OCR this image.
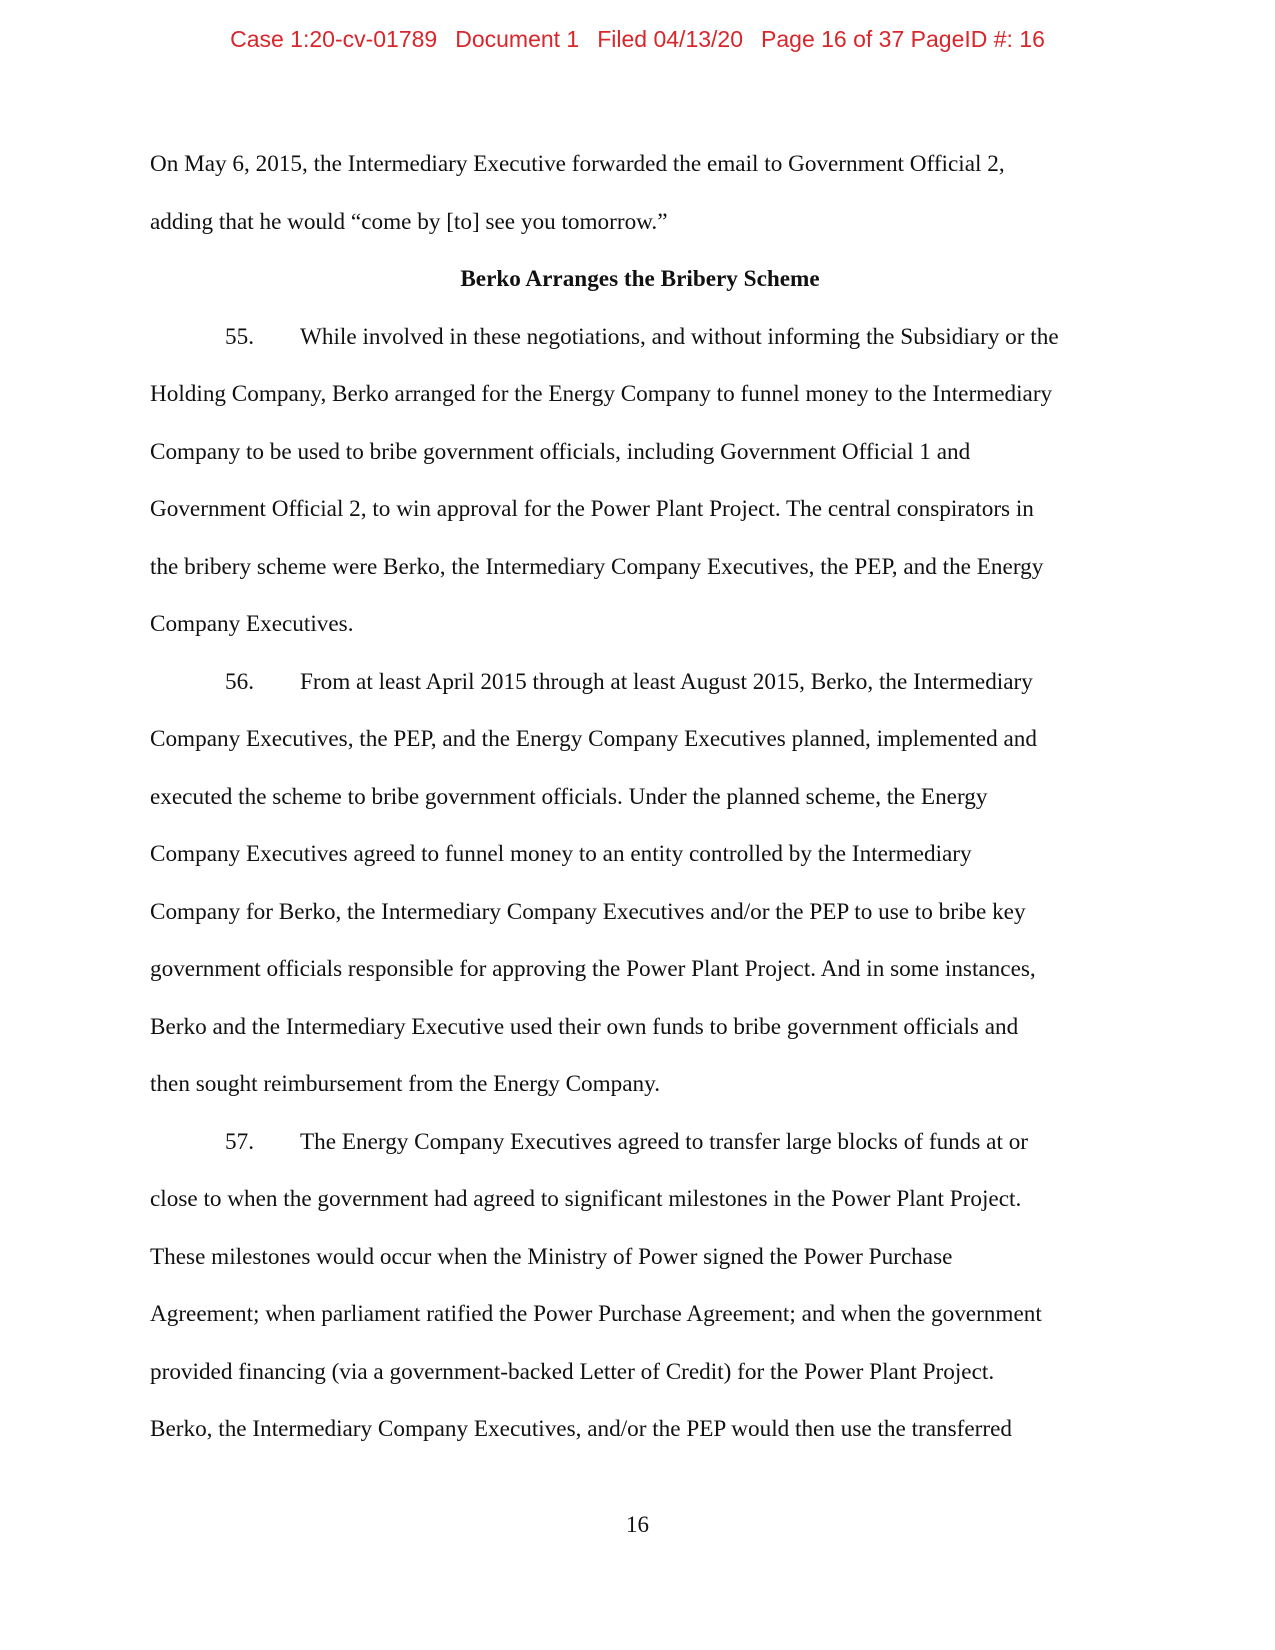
Case 1:20-cv-01789 Document 1 Filed 04/13/20 Page 16 of 37 PageID #: 16

On May 6, 2015, the Intermediary Executive forwarded the email to Government Official 2,

adding that he would “come by [to] see you tomorrow.”

Berko Arranges the Bribery Scheme

55. While involved in these negotiations, and without informing the Subsidiary or the

Holding Company, Berko arranged for the Energy Company to funnel money to the Intermediary

Company to be used to bribe government officials, including Government Official 1 and

Government Official 2, to win approval for the Power Plant Project. The central conspirators in

the bribery scheme were Berko, the Intermediary Company Executives, the PEP, and the Energy

Company Executives.

56. From at least April 2015 through at least August 2015, Berko, the Intermediary

Company Executives, the PEP, and the Energy Company Executives planned, implemented and

executed the scheme to bribe government officials. Under the planned scheme, the Energy

Company Executives agreed to funnel money to an entity controlled by the Intermediary

Company for Berko, the Intermediary Company Executives and/or the PEP to use to bribe key

government officials responsible for approving the Power Plant Project. And in some instances,

Berko and the Intermediary Executive used their own funds to bribe government officials and

then sought reimbursement from the Energy Company.

57. The Energy Company Executives agreed to transfer large blocks of funds at or

close to when the government had agreed to significant milestones in the Power Plant Project.

These milestones would occur when the Ministry of Power signed the Power Purchase

Agreement; when parliament ratified the Power Purchase Agreement; and when the government

provided financing (via a government-backed Letter of Credit) for the Power Plant Project.

Berko, the Intermediary Company Executives, and/or the PEP would then use the transferred

16
